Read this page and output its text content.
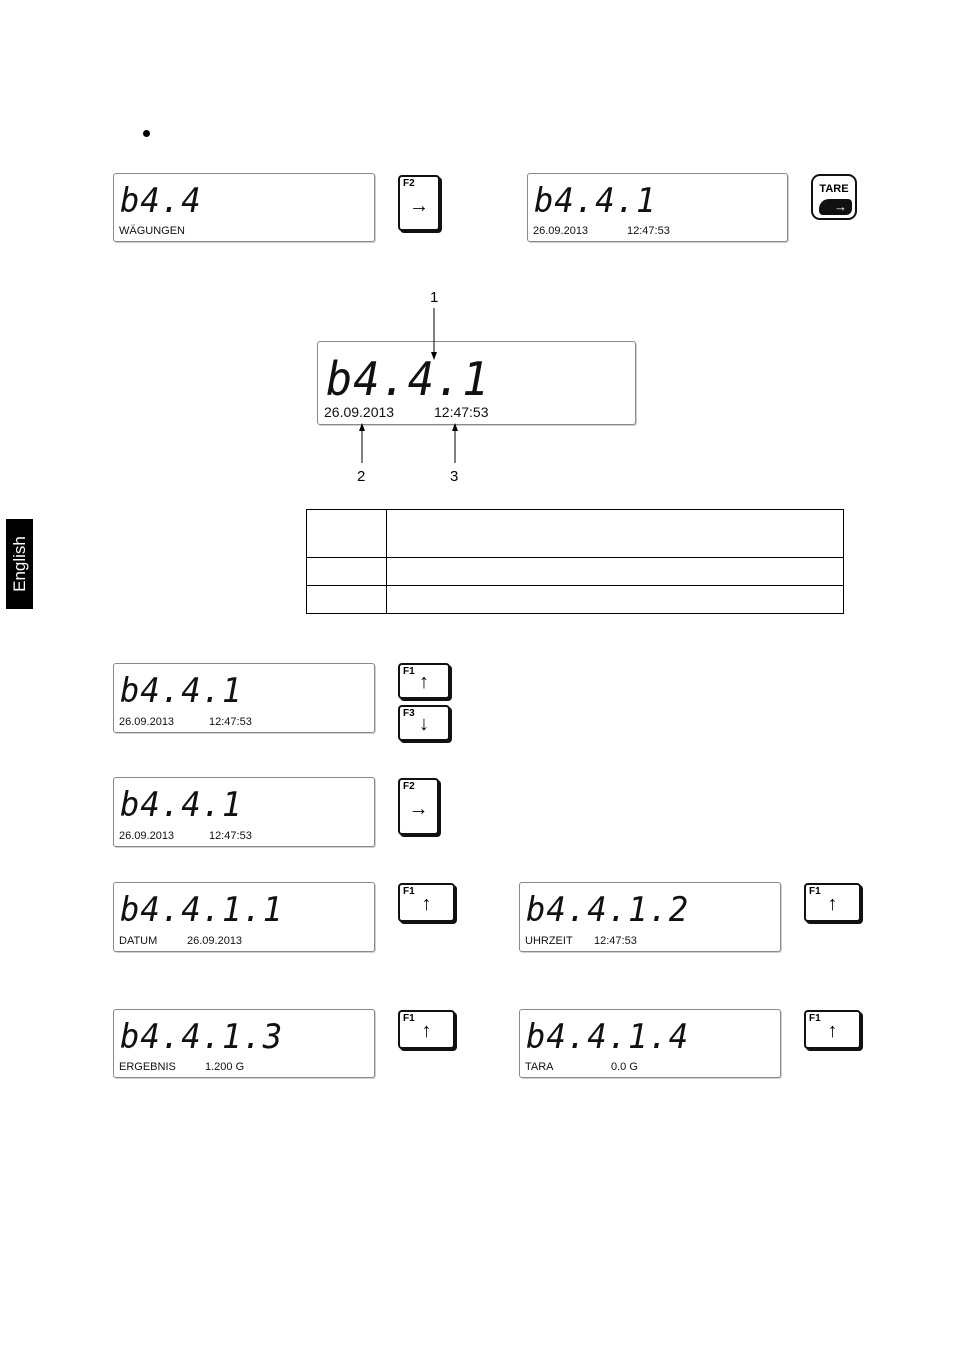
English
b4.4
WÄGUNGEN
F2
→	b4.4.1
26.09.2013	12:47:53
TARE
→
b4.4.1
26.09.2013	12:47:53
1
2	3

b4.4.1
26.09.2013	12:47:53
F1 ↑
F3 ↓
b4.4.1
26.09.2013	12:47:53
F2
→
b4.4.1.1
DATUM	26.09.2013
F1
↑	b4.4.1.2
UHRZEIT 12:47:53
F1
↑
b4.4.1.3
ERGEBNIS	1.200 G
F1
↑	b4.4.1.4
TARA	0.0 G
F1
↑
